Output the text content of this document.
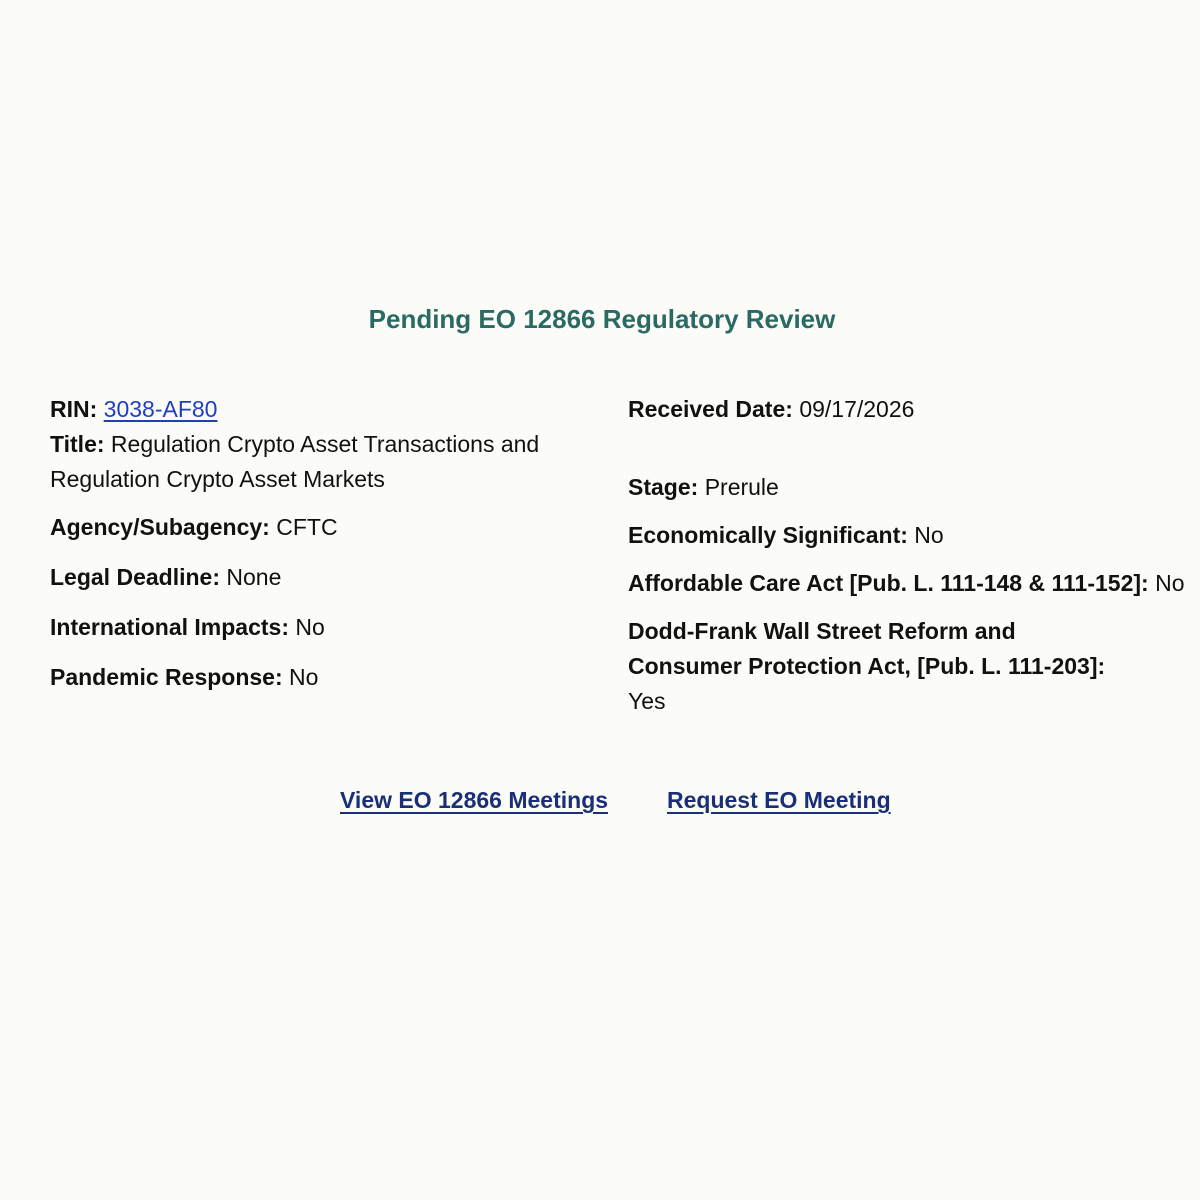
Pending EO 12866 Regulatory Review

RIN: 3038-AF80

Title: Regulation Crypto Asset Transactions and Regulation Crypto Asset Markets

Agency/Subagency: CFTC

Legal Deadline: None

International Impacts: No

Pandemic Response: No

Received Date: 09/17/2026

Stage: Prerule

Economically Significant: No

Affordable Care Act [Pub. L. 111-148 & 111-152]: No

Dodd-Frank Wall Street Reform and Consumer Protection Act, [Pub. L. 111-203]:
Yes

View EO 12866 Meetings	Request EO Meeting
